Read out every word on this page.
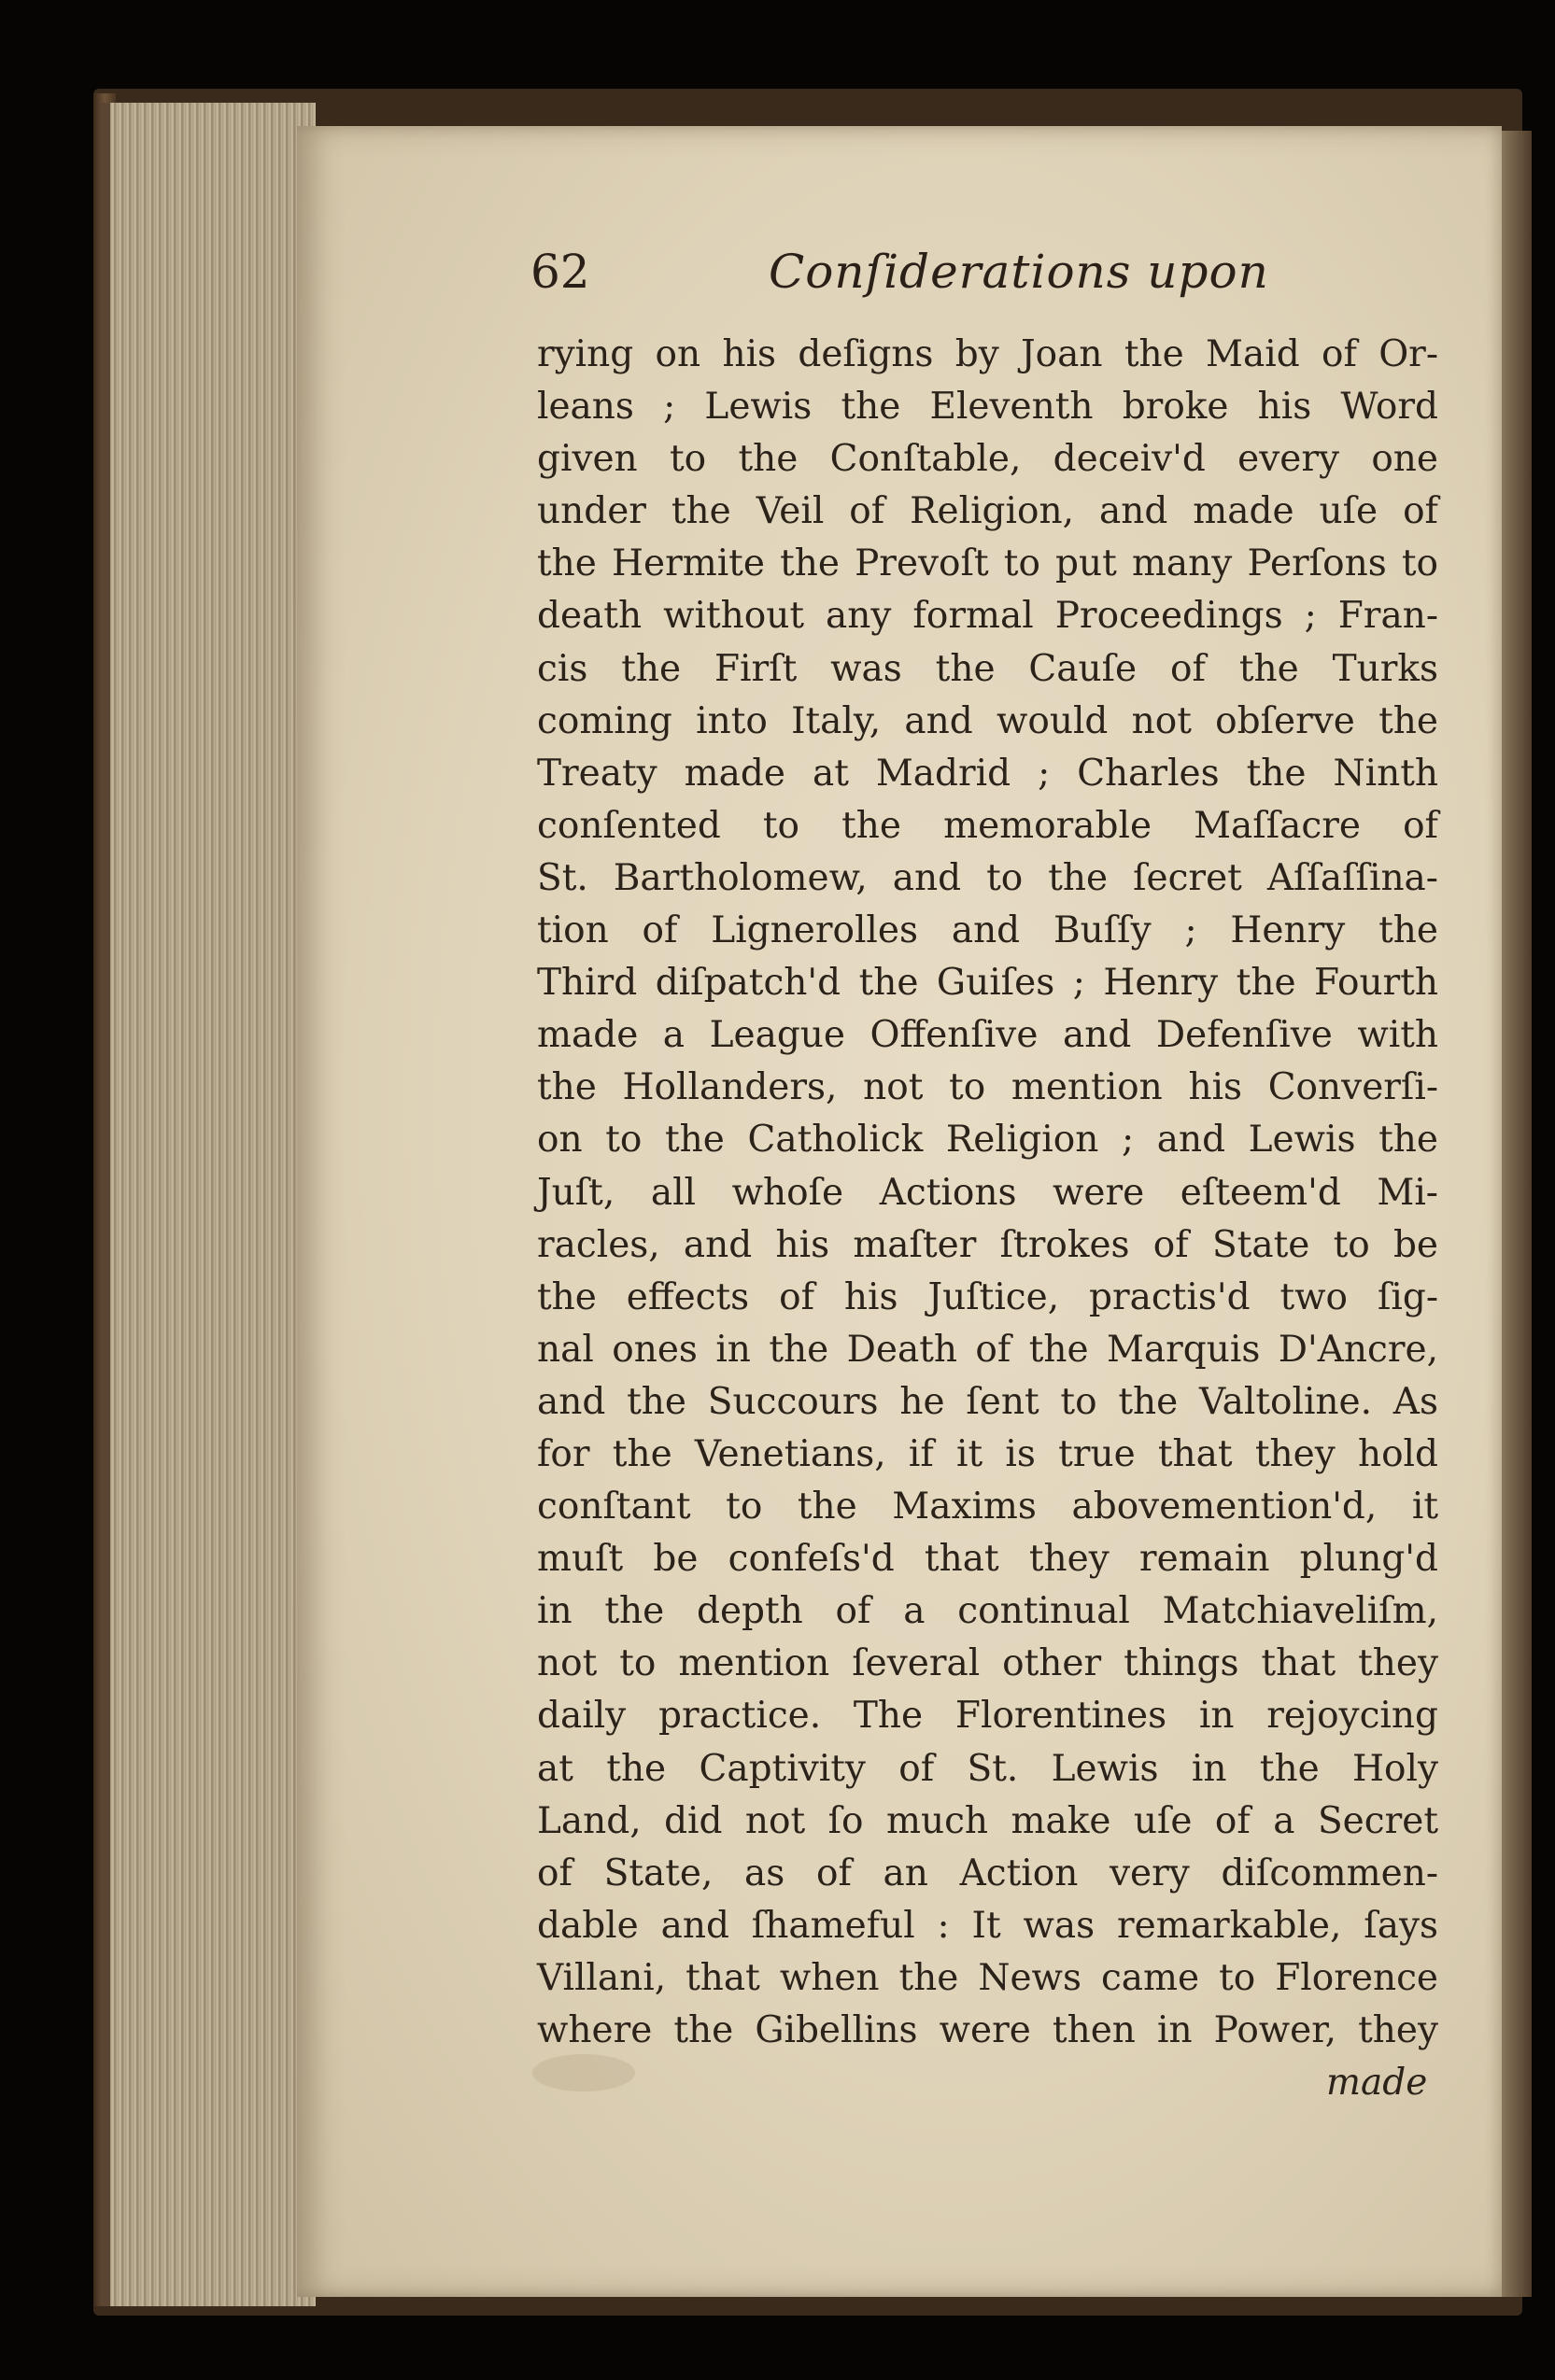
62	Conſiderations upon
rying on his deſigns by Joan the Maid of Or-
leans ; Lewis the Eleventh broke his Word
given to the Conſtable, deceiv'd every one
under the Veil of Religion, and made uſe of
the Hermite the Prevoſt to put many Perſons to
death without any formal Proceedings ; Fran-
cis the Firſt was the Cauſe of the Turks
coming into Italy, and would not obſerve the
Treaty made at Madrid ; Charles the Ninth
conſented to the memorable Maſſacre of
St. Bartholomew, and to the ſecret Aſſaſſina-
tion of Lignerolles and Buſſy ; Henry the
Third diſpatch'd the Guiſes ; Henry the Fourth
made a League Offenſive and Defenſive with
the Hollanders, not to mention his Converſi-
on to the Catholick Religion ; and Lewis the
Juſt, all whoſe Actions were eſteem'd Mi-
racles, and his maſter ſtrokes of State to be
the effects of his Juſtice, practis'd two ſig-
nal ones in the Death of the Marquis D'Ancre,
and the Succours he ſent to the Valtoline. As
for the Venetians, if it is true that they hold
conſtant to the Maxims abovemention'd, it
muſt be confeſs'd that they remain plung'd
in the depth of a continual Matchiaveliſm,
not to mention ſeveral other things that they
daily practice. The Florentines in rejoycing
at the Captivity of St. Lewis in the Holy
Land, did not ſo much make uſe of a Secret
of State, as of an Action very diſcommen-
dable and ſhameful : It was remarkable, ſays
Villani, that when the News came to Florence
where the Gibellins were then in Power, they
made
